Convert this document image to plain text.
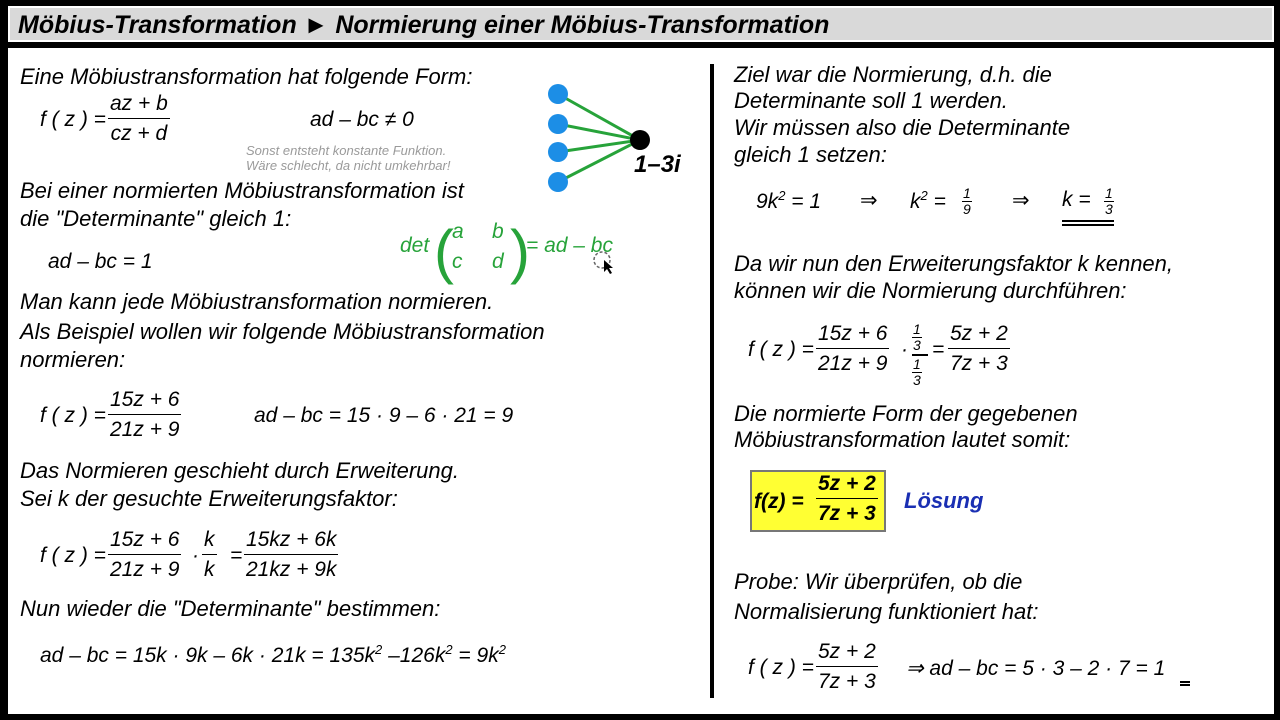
Möbius-Transformation ► Normierung einer Möbius-Transformation
Eine Möbiustransformation hat folgende Form:
f ( z ) = $\frac{az + b}{cz + d}$	ad – bc ≠ 0
Sonst entsteht konstante Funktion.
Wäre schlecht, da nicht umkehrbar!	1–3i
Bei einer normierten Möbiustransformation ist
die "Determinante" gleich 1:
ad – bc = 1
det (
a b
c d )
= ad – bc
Man kann jede Möbiustransformation normieren.
Als Beispiel wollen wir folgende Möbiustransformation
normieren:
f ( z ) = $\frac{15z + 6}{21z + 9}$	ad – bc = 15 · 9 – 6 · 21 = 9
Das Normieren geschieht durch Erweiterung.
Sei k der gesuchte Erweiterungsfaktor:
f ( z ) = $\frac{15z + 6}{21z + 9} \cdot \frac{k}{k} = \frac{15kz + 6k}{21kz + 9k}$
Nun wieder die "Determinante" bestimmen:
ad – bc = $15k \cdot 9k - 6k \cdot 21k = 135k^2$ $-126k^2 = 9k^2$
Ziel war die Normierung, d.h. die
Determinante soll 1 werden.
Wir müssen also die Determinante
gleich 1 setzen:
$9k^2 = 1$ ⇒ $k^2 = \frac{1}{9}$ ⇒ $k = \frac{1}{3}$
Da wir nun den Erweiterungsfaktor k kennen,
können wir die Normierung durchführen:
f ( z ) = $\frac{15z + 6}{21z + 9} \cdot \frac{1}{3}$
$\frac{1}{3}$
= $\frac{5z + 2}{7z + 3}$
Die normierte Form der gegebenen
Möbiustransformation lautet somit:
$f(z) = \frac{5z + 2}{7z + 3}$ Lösung
Probe: Wir überprüfen, ob die
Normalisierung funktioniert hat:
f ( z ) = $\frac{5z + 2}{7z + 3}$ ⇒ ad – bc = 5 · 3 – 2 · 7 = 1
